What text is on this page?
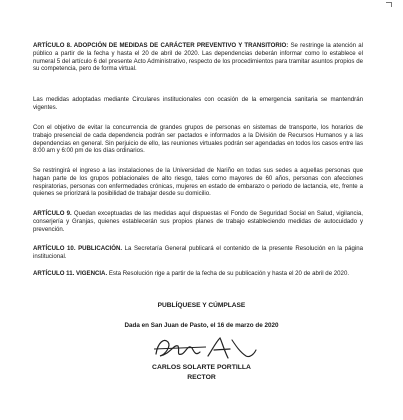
ARTÍCULO 8. ADOPCIÓN DE MEDIDAS DE CARÁCTER PREVENTIVO Y TRANSITORIO: Se restringe la atención al público a partir de la fecha y hasta el 20 de abril de 2020. Las dependencias deberán informar como lo establece el numeral 5 del artículo 6 del presente Acto Administrativo, respecto de los procedimientos para tramitar asuntos propios de su competencia, pero de forma virtual.
Las medidas adoptadas mediante Circulares institucionales con ocasión de la emergencia sanitaria se mantendrán vigentes.
Con el objetivo de evitar la concurrencia de grandes grupos de personas en sistemas de transporte, los horarios de trabajo presencial de cada dependencia podrán ser pactados e informados a la División de Recursos Humanos y a las dependencias en general. Sin perjuicio de ello, las reuniones virtuales podrán ser agendadas en todos los casos entre las 8:00 am y 6:00 pm de los días ordinarios.
Se restringirá el ingreso a las instalaciones de la Universidad de Nariño en todas sus sedes a aquellas personas que hagan parte de los grupos poblacionales de alto riesgo, tales como mayores de 60 años, personas con afecciones respiratorias, personas con enfermedades crónicas, mujeres en estado de embarazo o periodo de lactancia, etc, frente a quienes se priorizará la posibilidad de trabajar desde su domicilio.
ARTÍCULO 9. Quedan exceptuadas de las medidas aquí dispuestas el Fondo de Seguridad Social en Salud, vigilancia, conserjería y Granjas, quienes establecerán sus propios planes de trabajo estableciendo medidas de autocuidado y prevención.
ARTÍCULO 10. PUBLICACIÓN. La Secretaría General publicará el contenido de la presente Resolución en la página institucional.
ARTÍCULO 11. VIGENCIA. Esta Resolución rige a partir de la fecha de su publicación y hasta el 20 de abril de 2020.
PUBLÍQUESE Y CÚMPLASE
Dada en San Juan de Pasto, el 16 de marzo de 2020
CARLOS SOLARTE PORTILLA
RECTOR
